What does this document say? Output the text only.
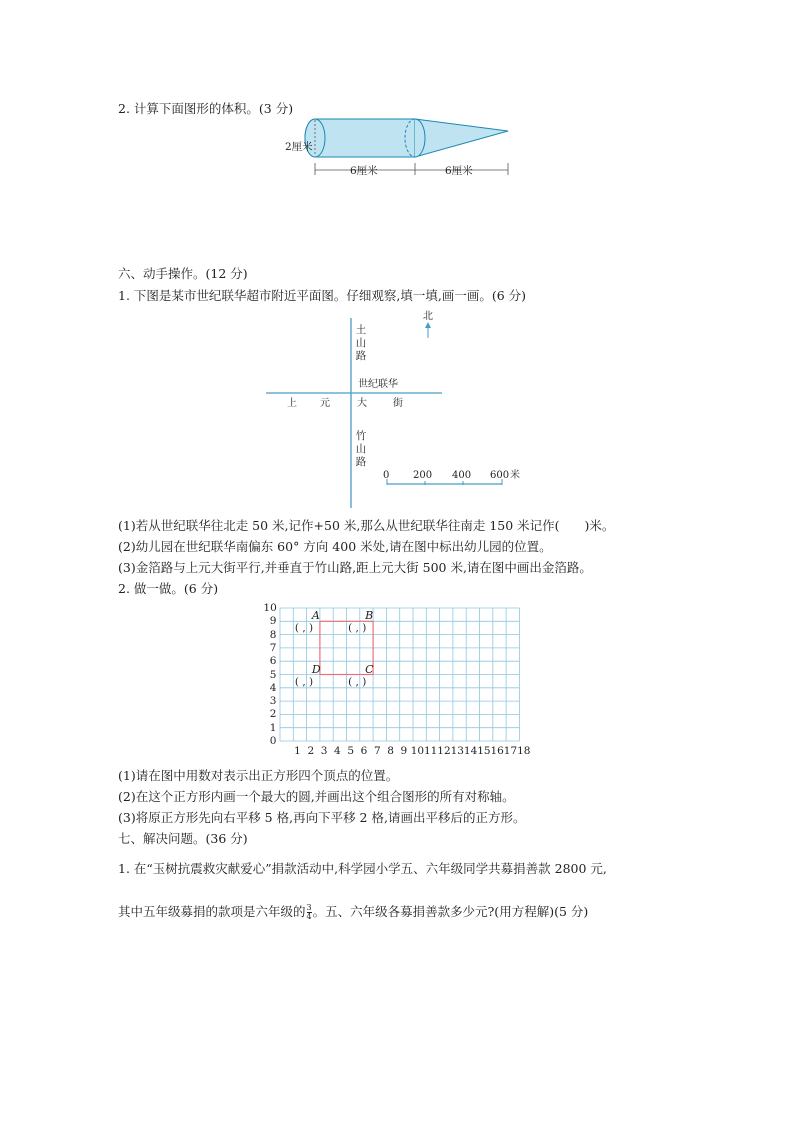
2. 计算下面图形的体积。(3 分)
2厘米
6厘米	6厘米
六、动手操作。(12 分)
1. 下图是某市世纪联华超市附近平面图。仔细观察,填一填,画一画。(6 分)
北
土
山
路
世纪联华
上 元	大	街
竹
山
路
0 200 400 600 米
(1)若从世纪联华往北走 50 米,记作+50 米,那么从世纪联华往南走 150 米记作(　　)米。
(2)幼儿园在世纪联华南偏东 60° 方向 400 米处,请在图中标出幼儿园的位置。
(3)金箔路与上元大街平行,并垂直于竹山路,距上元大街 500 米,请在图中画出金箔路。
2. 做一做。(6 分)
10
9
8
7
6
5
4
3
2
1
0
1 2 3 4 5 6 7 8 9 10 11 12 13 14 15 16 17 18
A
( , )
B
( , )
D
( , )
C
( , )
(1)请在图中用数对表示出正方形四个顶点的位置。
(2)在这个正方形内画一个最大的圆,并画出这个组合图形的所有对称轴。
(3)将原正方形先向右平移 5 格,再向下平移 2 格,请画出平移后的正方形。
七、解决问题。(36 分)
1. 在“玉树抗震救灾献爱心”捐款活动中,科学园小学五、六年级同学共募捐善款 2800 元,
其中五年级募捐的款项是六年级的 $\frac{3}{4}$ 。五、六年级各募捐善款多少元?(用方程解)(5 分)
